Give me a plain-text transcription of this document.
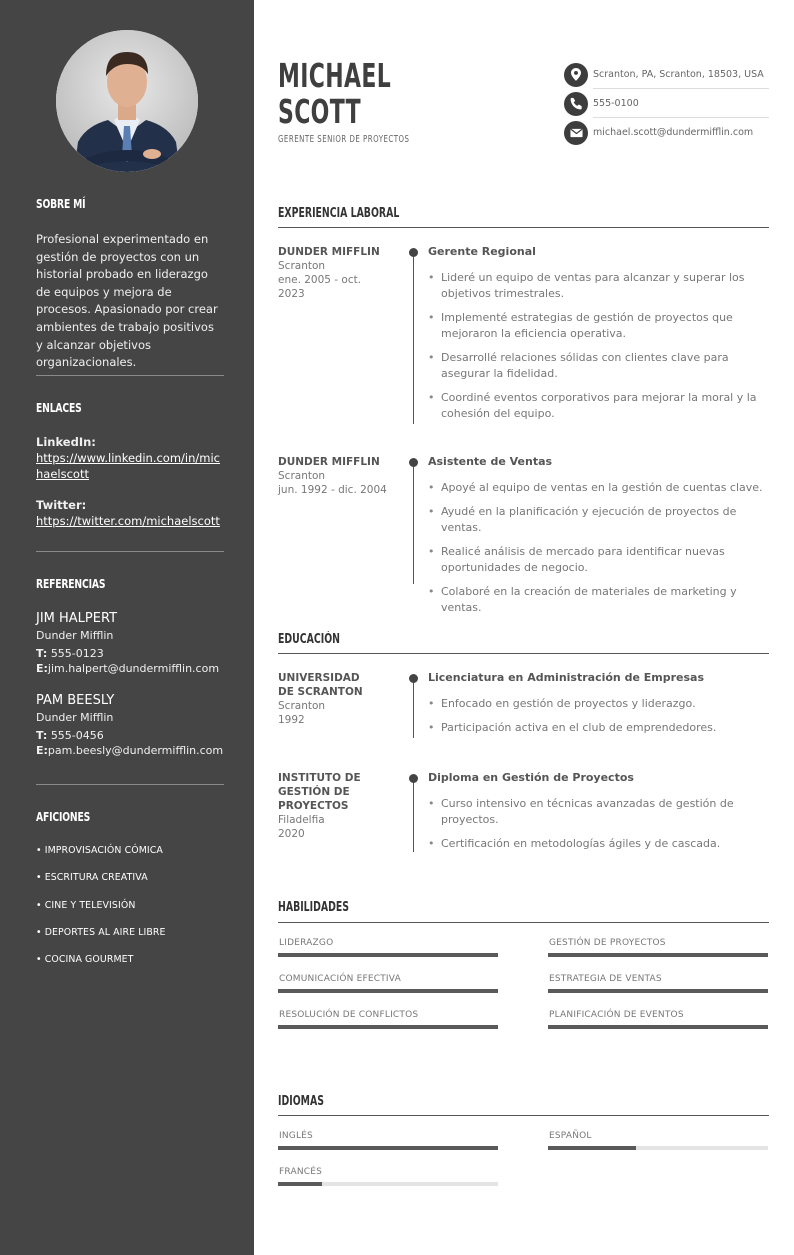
SOBRE MÍ

Profesional experimentado en gestión de proyectos con un historial probado en liderazgo de equipos y mejora de procesos. Apasionado por crear ambientes de trabajo positivos y alcanzar objetivos organizacionales.

ENLACES
LinkedIn:
https://www.linkedin.com/in/michaelscott
Twitter:
https://twitter.com/michaelscott
REFERENCIAS
JIM HALPERT
Dunder Mifflin
T: 555-0123
E:jim.halpert@dundermifflin.com
PAM BEESLY
Dunder Mifflin
T: 555-0456
E:pam.beesly@dundermifflin.com
AFICIONES
• IMPROVISACIÓN CÓMICA
• ESCRITURA CREATIVA
• CINE Y TELEVISIÓN
• DEPORTES AL AIRE LIBRE
• COCINA GOURMET
MICHAEL
SCOTT
GERENTE SENIOR DE PROYECTOS
Scranton, PA, Scranton, 18503, USA
555-0100
michael.scott@dundermifflin.com
EXPERIENCIA LABORAL
DUNDER MIFFLIN
Scranton
ene. 2005 - oct. 2023
Gerente Regional
• Lideré un equipo de ventas para alcanzar y superar los objetivos trimestrales.
• Implementé estrategias de gestión de proyectos que mejoraron la eficiencia operativa.
• Desarrollé relaciones sólidas con clientes clave para asegurar la fidelidad.
• Coordiné eventos corporativos para mejorar la moral y la cohesión del equipo.
DUNDER MIFFLIN
Scranton
jun. 1992 - dic. 2004
Asistente de Ventas
• Apoyé al equipo de ventas en la gestión de cuentas clave.
• Ayudé en la planificación y ejecución de proyectos de ventas.
• Realicé análisis de mercado para identificar nuevas oportunidades de negocio.
• Colaboré en la creación de materiales de marketing y ventas.
EDUCACIÓN
UNIVERSIDAD DE SCRANTON
Scranton
1992
Licenciatura en Administración de Empresas
• Enfocado en gestión de proyectos y liderazgo.
• Participación activa en el club de emprendedores.
INSTITUTO DE GESTIÓN DE PROYECTOS
Filadelfia
2020
Diploma en Gestión de Proyectos
• Curso intensivo en técnicas avanzadas de gestión de proyectos.
• Certificación en metodologías ágiles y de cascada.
HABILIDADES
LIDERAZGO	GESTIÓN DE PROYECTOS
COMUNICACIÓN EFECTIVA	ESTRATEGIA DE VENTAS
RESOLUCIÓN DE CONFLICTOS	PLANIFICACIÓN DE EVENTOS
IDIOMAS
INGLÉS	ESPAÑOL
FRANCÉS
